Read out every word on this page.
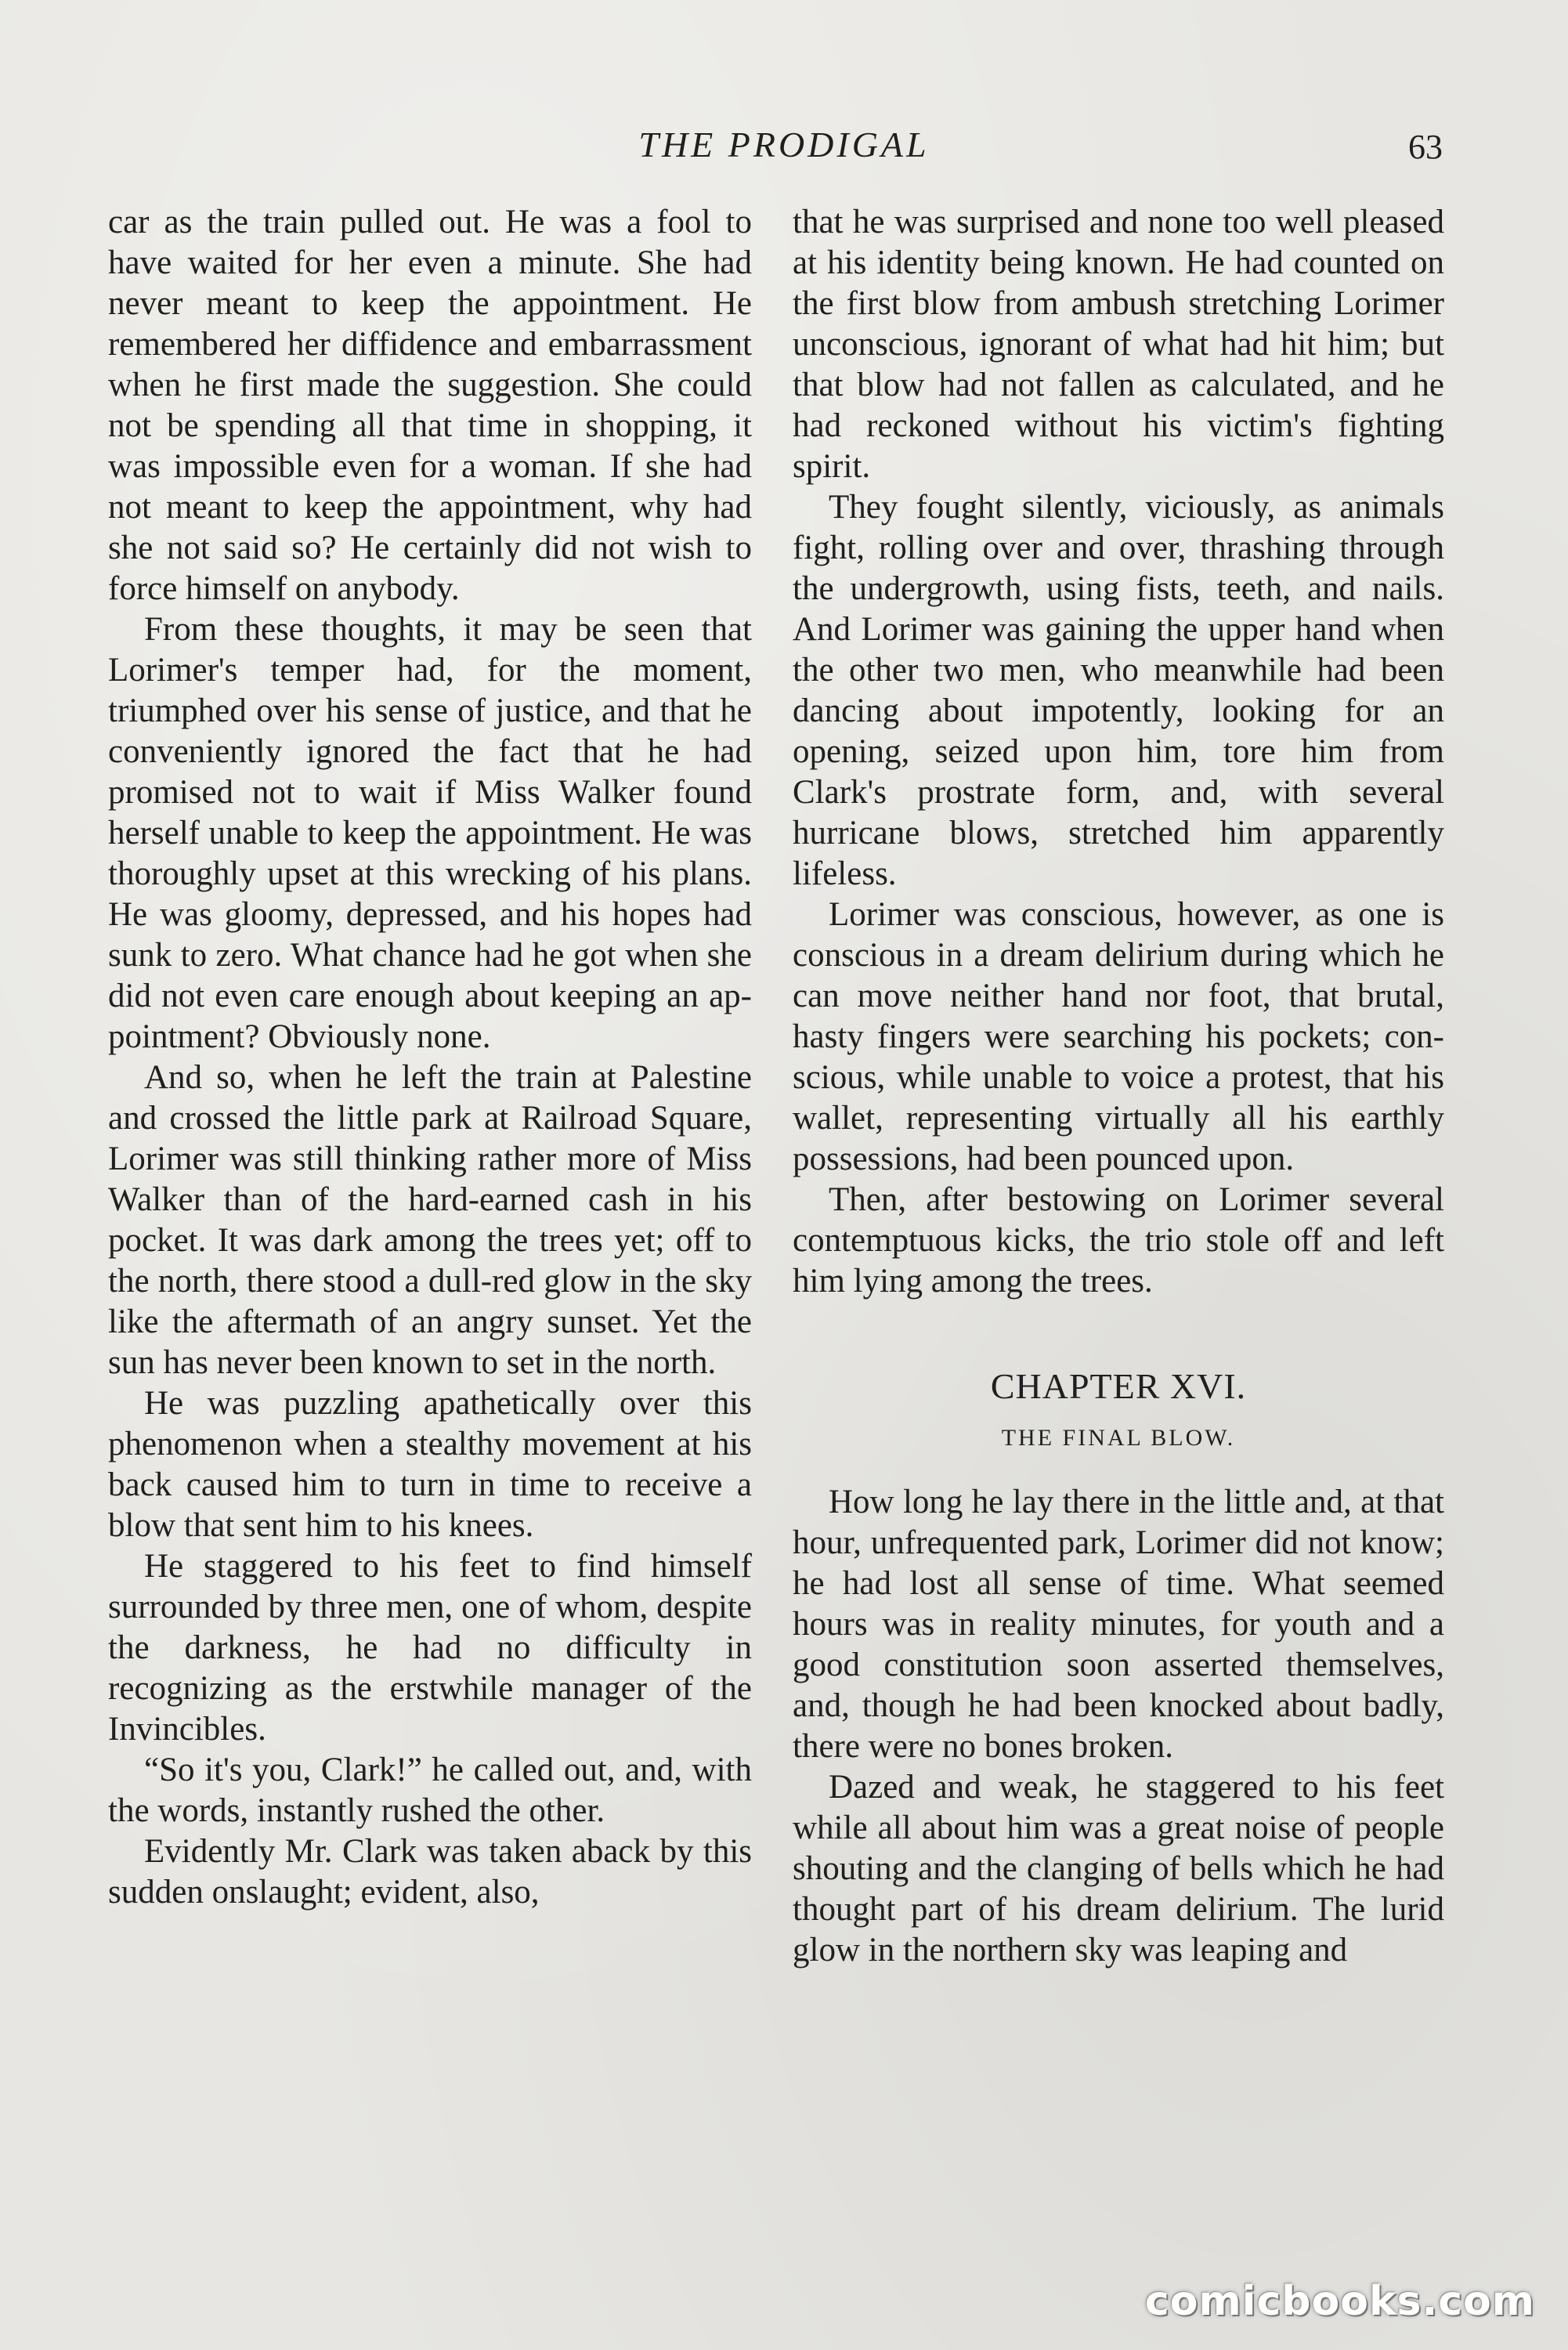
THE PRODIGAL	63

car as the train pulled out. He was a fool to have waited for her even a minute. She had never meant to keep the appointment. He remembered her diffidence and embarrassment when he first made the suggestion. She could not be spending all that time in shopping, it was impossible even for a woman. If she had not meant to keep the appointment, why had she not said so? He certainly did not wish to force himself on anybody.

From these thoughts, it may be seen that Lorimer's temper had, for the moment, triumphed over his sense of justice, and that he conveniently ignored the fact that he had promised not to wait if Miss Walker found herself unable to keep the appointment. He was thoroughly upset at this wrecking of his plans. He was gloomy, depressed, and his hopes had sunk to zero. What chance had he got when she did not even care enough about keeping an appointment? Obviously none.

And so, when he left the train at Palestine and crossed the little park at Railroad Square, Lorimer was still thinking rather more of Miss Walker than of the hard-earned cash in his pocket. It was dark among the trees yet; off to the north, there stood a dull-red glow in the sky like the aftermath of an angry sunset. Yet the sun has never been known to set in the north.

He was puzzling apathetically over this phenomenon when a stealthy movement at his back caused him to turn in time to receive a blow that sent him to his knees.

He staggered to his feet to find himself surrounded by three men, one of whom, despite the darkness, he had no difficulty in recognizing as the erstwhile manager of the Invincibles.

“So it's you, Clark!” he called out, and, with the words, instantly rushed the other.

Evidently Mr. Clark was taken aback by this sudden onslaught; evident, also,

that he was surprised and none too well pleased at his identity being known. He had counted on the first blow from ambush stretching Lorimer unconscious, ignorant of what had hit him; but that blow had not fallen as calculated, and he had reckoned without his victim's fighting spirit.

They fought silently, viciously, as animals fight, rolling over and over, thrashing through the undergrowth, using fists, teeth, and nails. And Lorimer was gaining the upper hand when the other two men, who meanwhile had been dancing about impotently, looking for an opening, seized upon him, tore him from Clark's prostrate form, and, with several hurricane blows, stretched him apparently lifeless.

Lorimer was conscious, however, as one is conscious in a dream delirium during which he can move neither hand nor foot, that brutal, hasty fingers were searching his pockets; conscious, while unable to voice a protest, that his wallet, representing virtually all his earthly possessions, had been pounced upon.

Then, after bestowing on Lorimer several contemptuous kicks, the trio stole off and left him lying among the trees.

CHAPTER XVI.
THE FINAL BLOW.

How long he lay there in the little and, at that hour, unfrequented park, Lorimer did not know; he had lost all sense of time. What seemed hours was in reality minutes, for youth and a good constitution soon asserted themselves, and, though he had been knocked about badly, there were no bones broken.

Dazed and weak, he staggered to his feet while all about him was a great noise of people shouting and the clanging of bells which he had thought part of his dream delirium. The lurid glow in the northern sky was leaping and

comicbooks.com
